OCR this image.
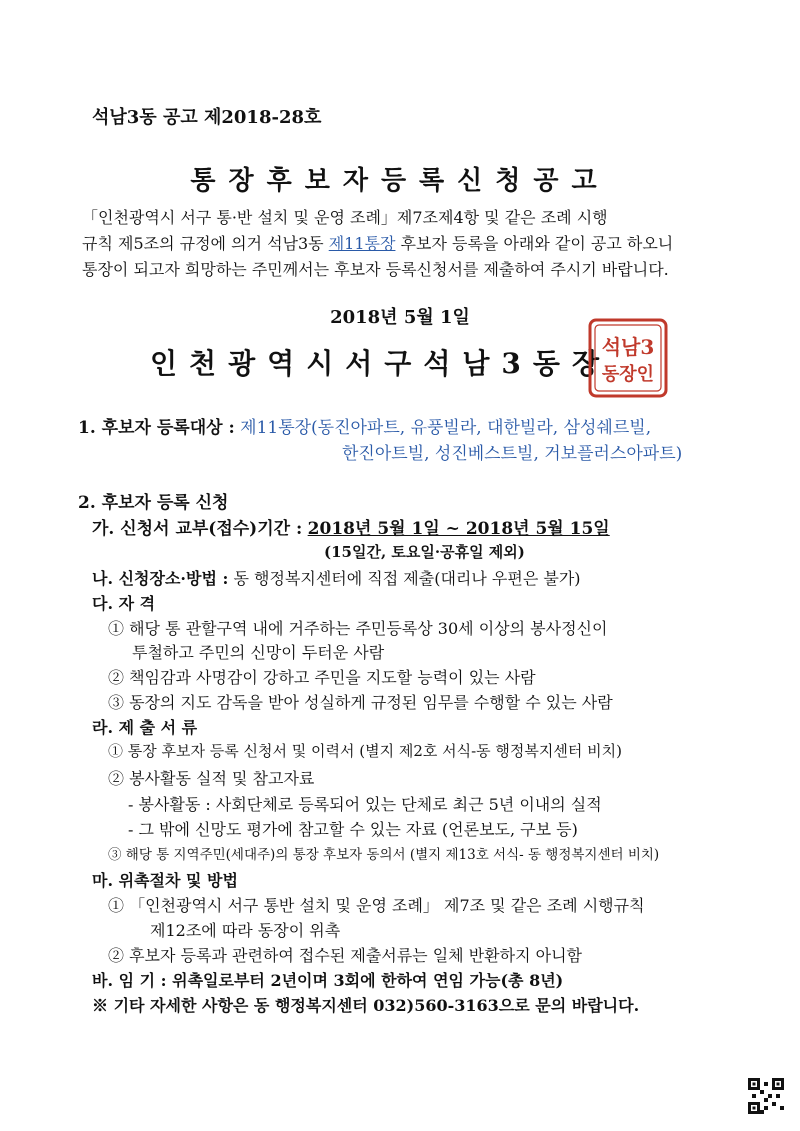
석남3동 공고 제2018-28호
통장후보자등록신청공고
「인천광역시 서구 통·반 설치 및 운영 조례」제7조제4항 및 같은 조례 시행
규칙 제5조의 규정에 의거 석남3동 제11통장 후보자 등록을 아래와 같이 공고 하오니
통장이 되고자 희망하는 주민께서는 후보자 등록신청서를 제출하여 주시기 바랍니다.
2018년 5월 1일
인천광역시서구석남3동장
석남3
동장인
1. 후보자 등록대상 : 제11통장(동진아파트, 유풍빌라, 대한빌라, 삼성쉐르빌,
한진아트빌, 성진베스트빌, 거보플러스아파트)
2. 후보자 등록 신청
가. 신청서 교부(접수)기간 : 2018년 5월 1일 ~ 2018년 5월 15일
(15일간, 토요일·공휴일 제외)
나. 신청장소·방법 : 동 행정복지센터에 직접 제출(대리나 우편은 불가)
다. 자 격
① 해당 통 관할구역 내에 거주하는 주민등록상 30세 이상의 봉사정신이
투철하고 주민의 신망이 두터운 사람
② 책임감과 사명감이 강하고 주민을 지도할 능력이 있는 사람
③ 동장의 지도 감독을 받아 성실하게 규정된 임무를 수행할 수 있는 사람
라. 제 출 서 류
① 통장 후보자 등록 신청서 및 이력서 (별지 제2호 서식-동 행정복지센터 비치)
② 봉사활동 실적 및 참고자료
- 봉사활동 : 사회단체로 등록되어 있는 단체로 최근 5년 이내의 실적
- 그 밖에 신망도 평가에 참고할 수 있는 자료 (언론보도, 구보 등)
③ 해당 통 지역주민(세대주)의 통장 후보자 동의서 (별지 제13호 서식- 동 행정복지센터 비치)
마. 위촉절차 및 방법
① 「인천광역시 서구 통반 설치 및 운영 조례」 제7조 및 같은 조례 시행규칙
제12조에 따라 동장이 위촉
② 후보자 등록과 관련하여 접수된 제출서류는 일체 반환하지 아니함
바. 임 기 : 위촉일로부터 2년이며 3회에 한하여 연임 가능(총 8년)
※ 기타 자세한 사항은 동 행정복지센터 032)560-3163으로 문의 바랍니다.
